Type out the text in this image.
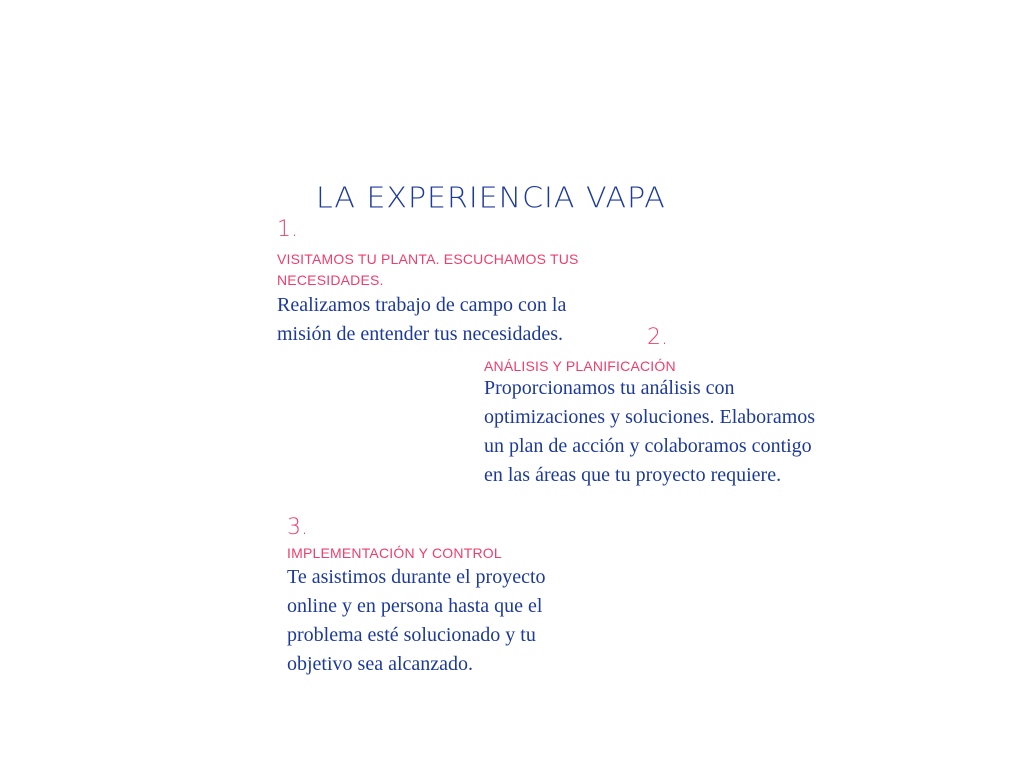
LA EXPERIENCIA VAPA
1.
VISITAMOS TU PLANTA. ESCUCHAMOS TUS NECESIDADES.
Realizamos trabajo de campo con la misión de entender tus necesidades.	2.
ANÁLISIS Y PLANIFICACIÓN
Proporcionamos tu análisis con optimizaciones y soluciones. Elaboramos un plan de acción y colaboramos contigo en las áreas que tu proyecto requiere.
3.
IMPLEMENTACIÓN Y CONTROL
Te asistimos durante el proyecto online y en persona hasta que el problema esté solucionado y tu objetivo sea alcanzado.
